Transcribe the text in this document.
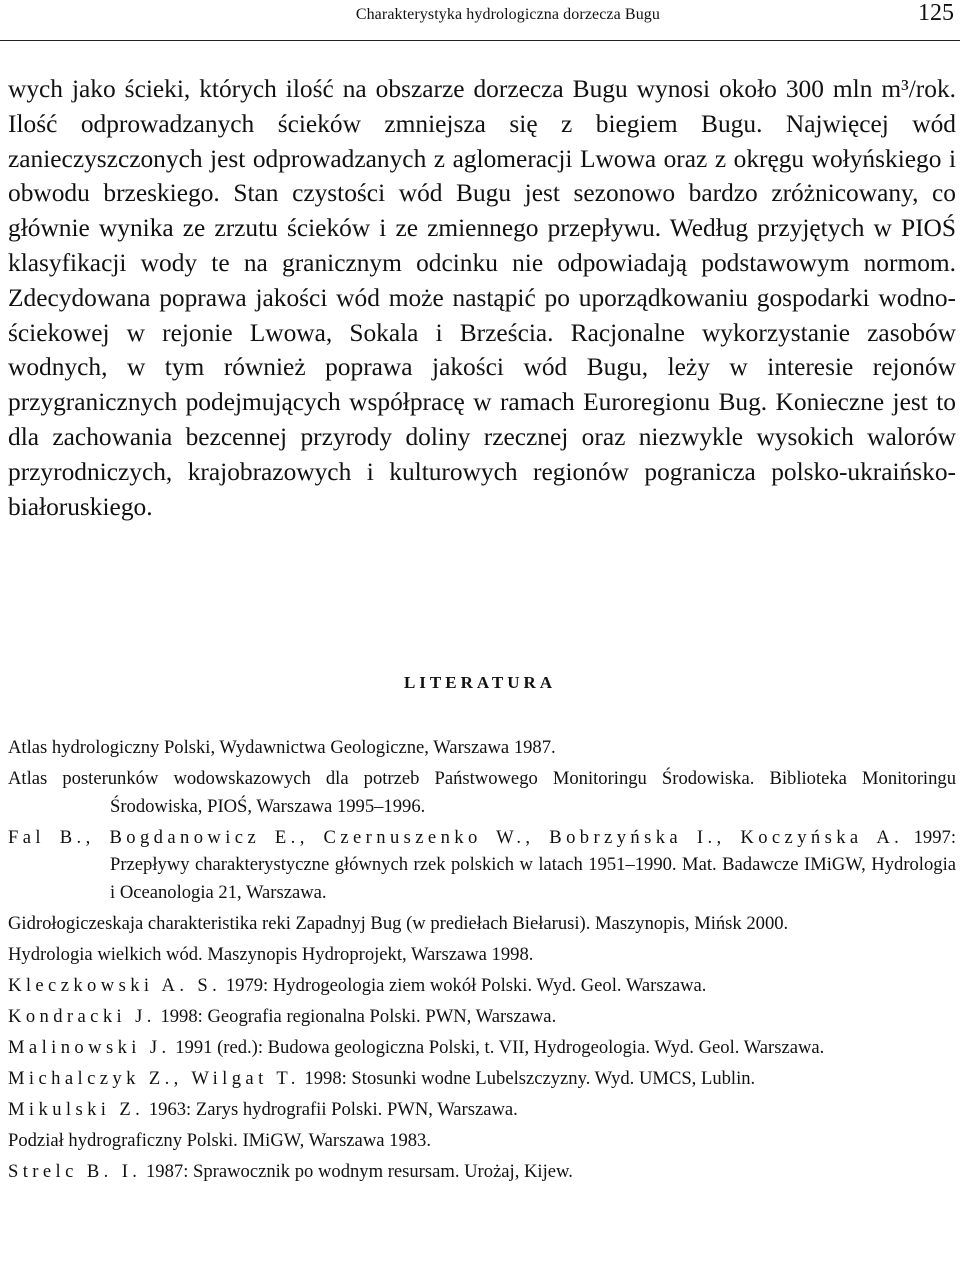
Charakterystyka hydrologiczna dorzecza Bugu	125

wych jako ścieki, których ilość na obszarze dorzecza Bugu wynosi około 300 mln m³/rok. Ilość odprowadzanych ścieków zmniejsza się z biegiem Bugu. Najwięcej wód zanieczyszczonych jest odprowadzanych z aglomeracji Lwowa oraz z okręgu wołyńskiego i obwodu brzeskiego. Stan czystości wód Bugu jest sezonowo bardzo zróżnicowany, co głównie wynika ze zrzutu ścieków i ze zmiennego przepływu. Według przyjętych w PIOŚ klasyfikacji wody te na granicznym odcinku nie odpowiadają podstawowym normom. Zdecydowana poprawa jakości wód może nastąpić po uporządkowaniu gospodarki wodno-ściekowej w rejonie Lwowa, Sokala i Brześcia. Racjonalne wykorzystanie zasobów wodnych, w tym również poprawa jakości wód Bugu, leży w interesie rejonów przygranicznych podejmujących współpracę w ramach Euroregionu Bug. Konieczne jest to dla zachowania bezcennej przyrody doliny rzecznej oraz niezwykle wysokich walorów przyrodniczych, krajobrazowych i kulturowych regionów pogranicza polsko-ukraińsko-białoruskiego.

LITERATURA
Atlas hydrologiczny Polski, Wydawnictwa Geologiczne, Warszawa 1987.
Atlas posterunków wodowskazowych dla potrzeb Państwowego Monitoringu Środowiska. Biblioteka Monitoringu Środowiska, PIOŚ, Warszawa 1995–1996.
Fal B., Bogdanowicz E., Czernuszenko W., Bobrzyńska I., Koczyńska A. 1997: Przepływy charakterystyczne głównych rzek polskich w latach 1951–1990. Mat. Badawcze IMiGW, Hydrologia i Oceanologia 21, Warszawa.
Gidrołogiczeskaja charakteristika reki Zapadnyj Bug (w prediełach Biełarusi). Maszynopis, Mińsk 2000.
Hydrologia wielkich wód. Maszynopis Hydroprojekt, Warszawa 1998.
Kleczkowski A. S. 1979: Hydrogeologia ziem wokół Polski. Wyd. Geol. Warszawa.
Kondracki J. 1998: Geografia regionalna Polski. PWN, Warszawa.
Malinowski J. 1991 (red.): Budowa geologiczna Polski, t. VII, Hydrogeologia. Wyd. Geol. Warszawa.
Michalczyk Z., Wilgat T. 1998: Stosunki wodne Lubelszczyzny. Wyd. UMCS, Lublin.
Mikulski Z. 1963: Zarys hydrografii Polski. PWN, Warszawa.
Podział hydrograficzny Polski. IMiGW, Warszawa 1983.
Strelc B. I. 1987: Sprawocznik po wodnym resursam. Urożaj, Kijew.
